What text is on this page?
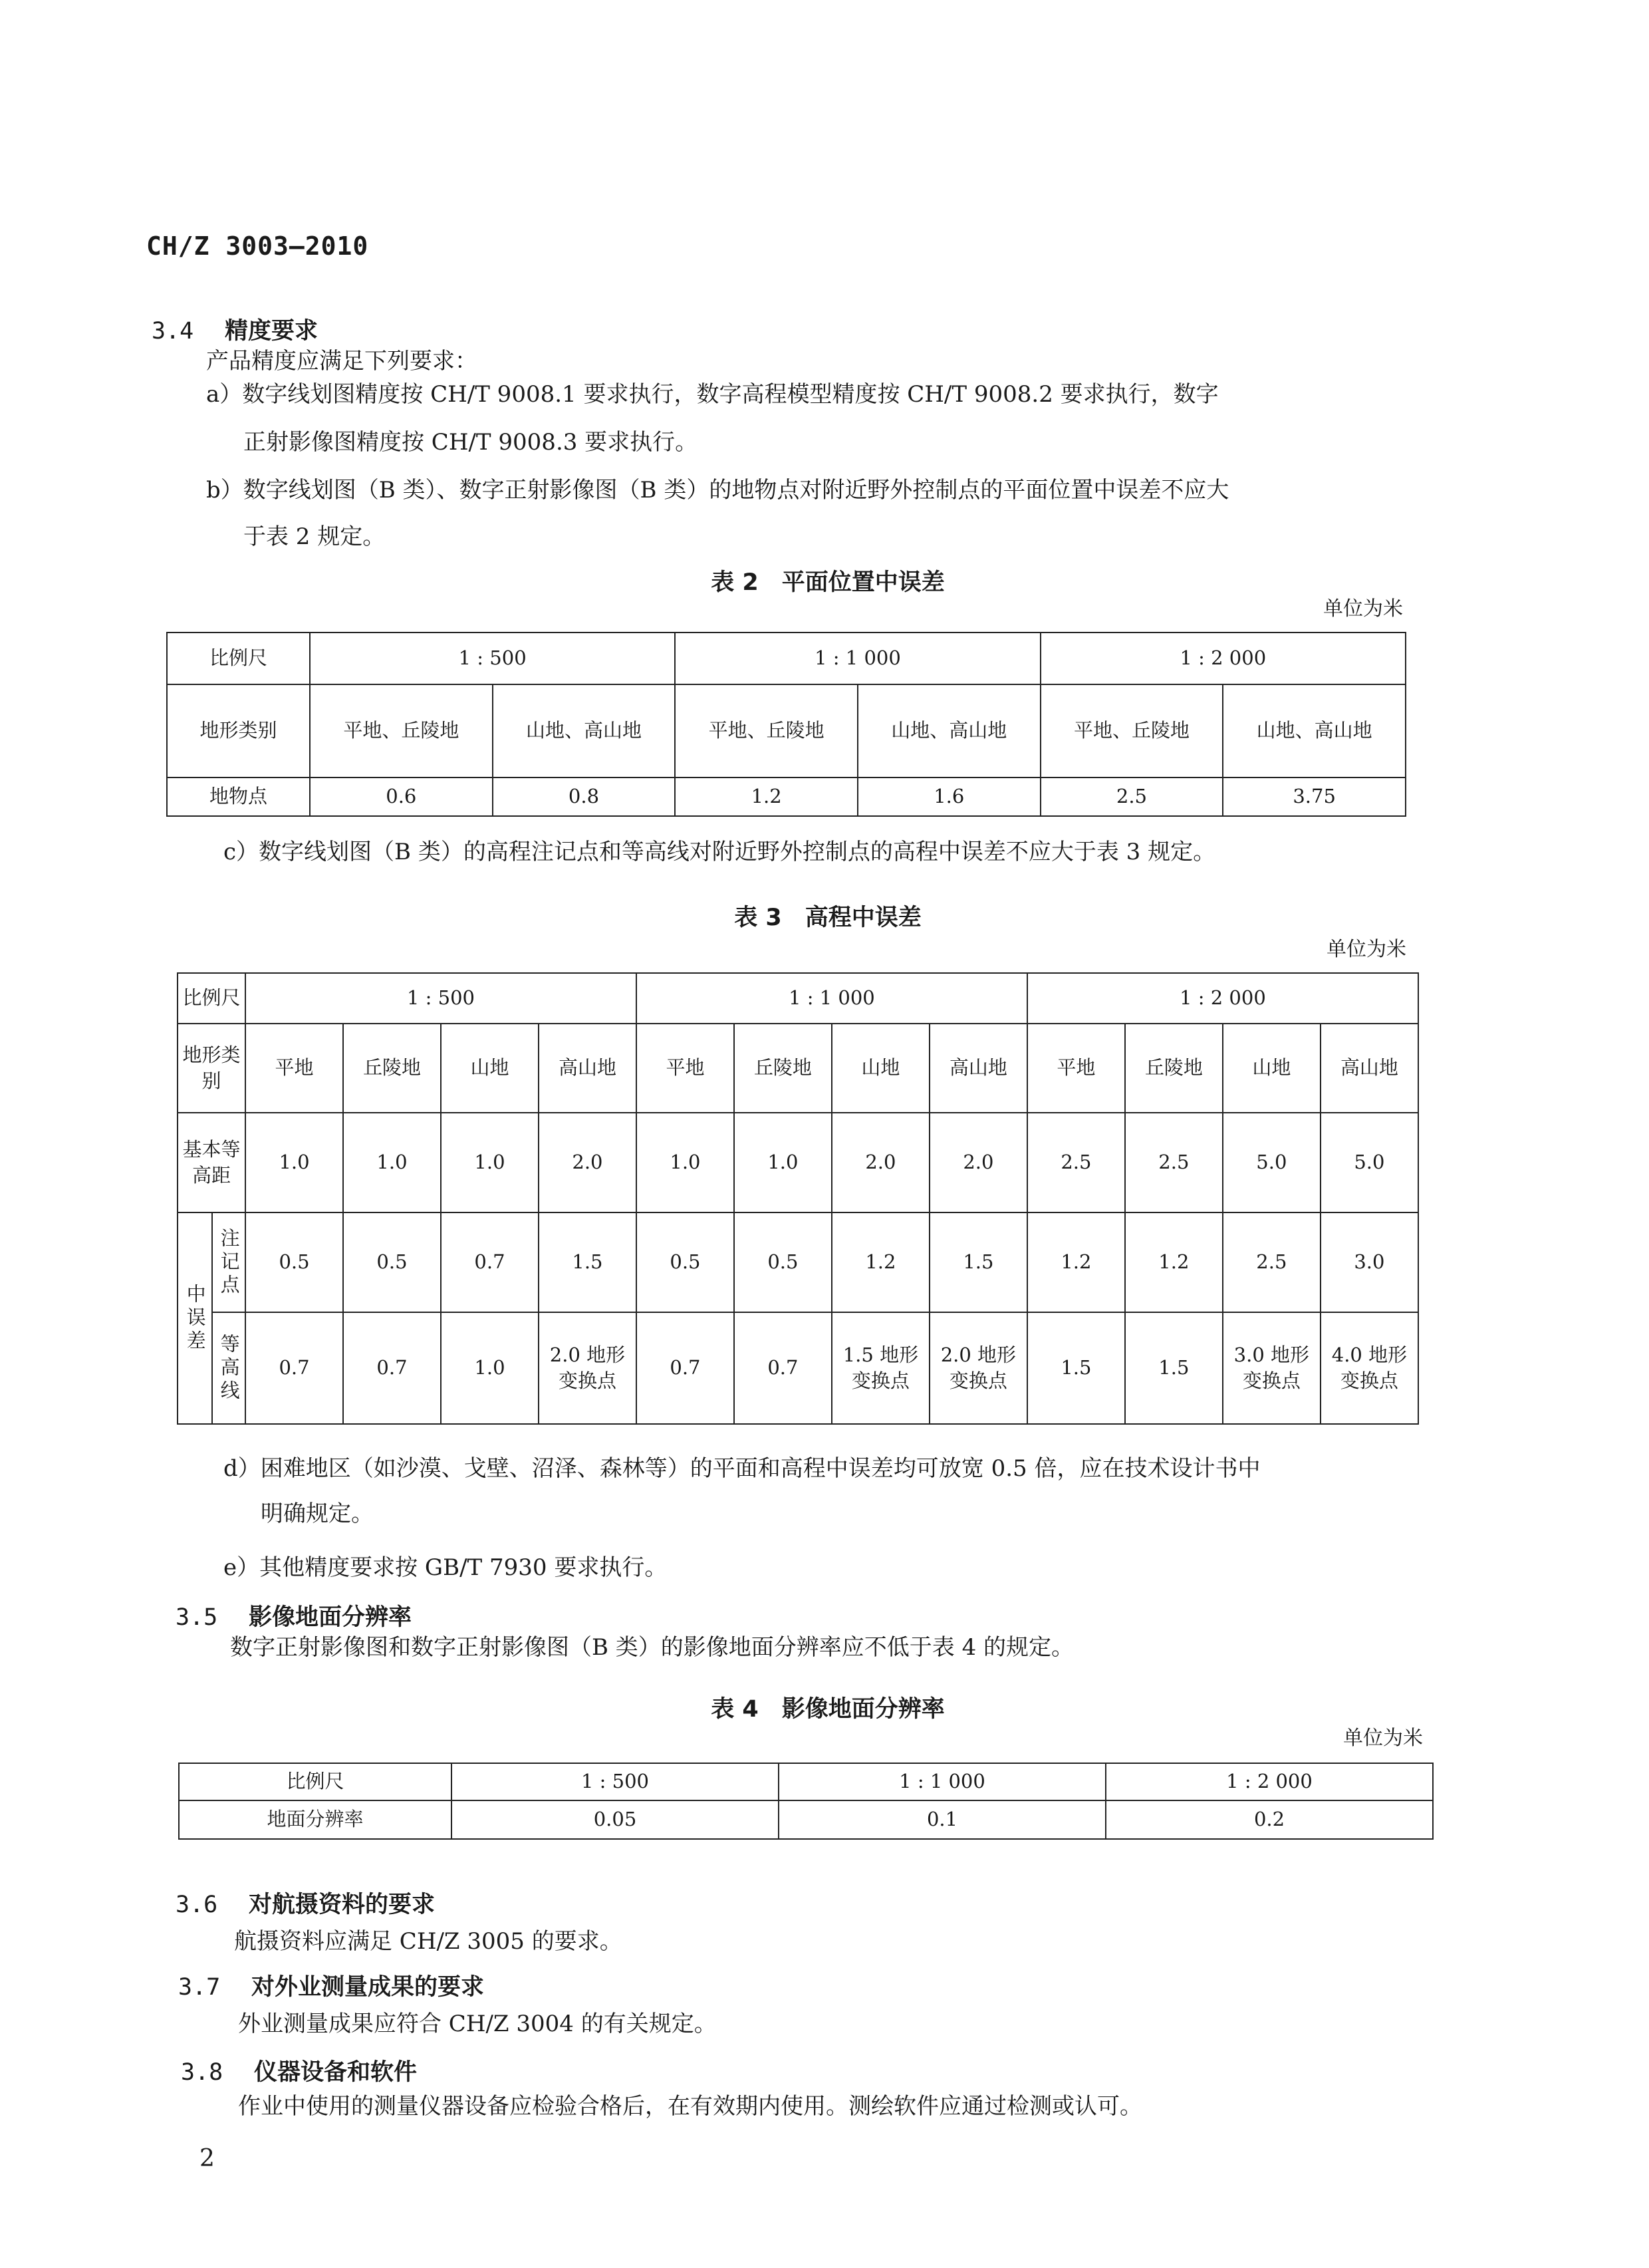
CH/Z 3003—2010
3.4 精度要求
产品精度应满足下列要求：
a）数字线划图精度按 CH/T 9008.1 要求执行，数字高程模型精度按 CH/T 9008.2 要求执行，数字
正射影像图精度按 CH/T 9008.3 要求执行。
b）数字线划图（B 类）、数字正射影像图（B 类）的地物点对附近野外控制点的平面位置中误差不应大
于表 2 规定。
表 2　平面位置中误差
单位为米
比例尺	1 : 500		1 : 1 000		1 : 2 000	
地形类别	平地、丘陵地	山地、高山地	平地、丘陵地	山地、高山地	平地、丘陵地	山地、高山地
地物点	0.6	0.8	1.2	1.6	2.5	3.75
c）数字线划图（B 类）的高程注记点和等高线对附近野外控制点的高程中误差不应大于表 3 规定。
表 3　高程中误差
单位为米
比例尺		1 : 500				1 : 1 000				1 : 2 000			
地形类别		平地	丘陵地	山地	高山地	平地	丘陵地	山地	高山地	平地	丘陵地	山地	高山地
基本等高距		1.0	1.0	1.0	2.0	1.0	1.0	2.0	2.0	2.5	2.5	5.0	5.0
中误差	注记点	0.5	0.5	0.7	1.5	0.5	0.5	1.2	1.5	1.2	1.2	2.5	3.0
	等高线	0.7	0.7	1.0	2.0 地形变换点	0.7	0.7	1.5 地形变换点	2.0 地形变换点	1.5	1.5	3.0 地形变换点	4.0 地形变换点
d）困难地区（如沙漠、戈壁、沼泽、森林等）的平面和高程中误差均可放宽 0.5 倍，应在技术设计书中
明确规定。
e）其他精度要求按 GB/T 7930 要求执行。
3.5 影像地面分辨率
数字正射影像图和数字正射影像图（B 类）的影像地面分辨率应不低于表 4 的规定。
表 4　影像地面分辨率
单位为米
比例尺	1 : 500	1 : 1 000	1 : 2 000
地面分辨率	0.05	0.1	0.2
3.6 对航摄资料的要求
航摄资料应满足 CH/Z 3005 的要求。
3.7 对外业测量成果的要求
外业测量成果应符合 CH/Z 3004 的有关规定。
3.8 仪器设备和软件
作业中使用的测量仪器设备应检验合格后，在有效期内使用。测绘软件应通过检测或认可。
2
